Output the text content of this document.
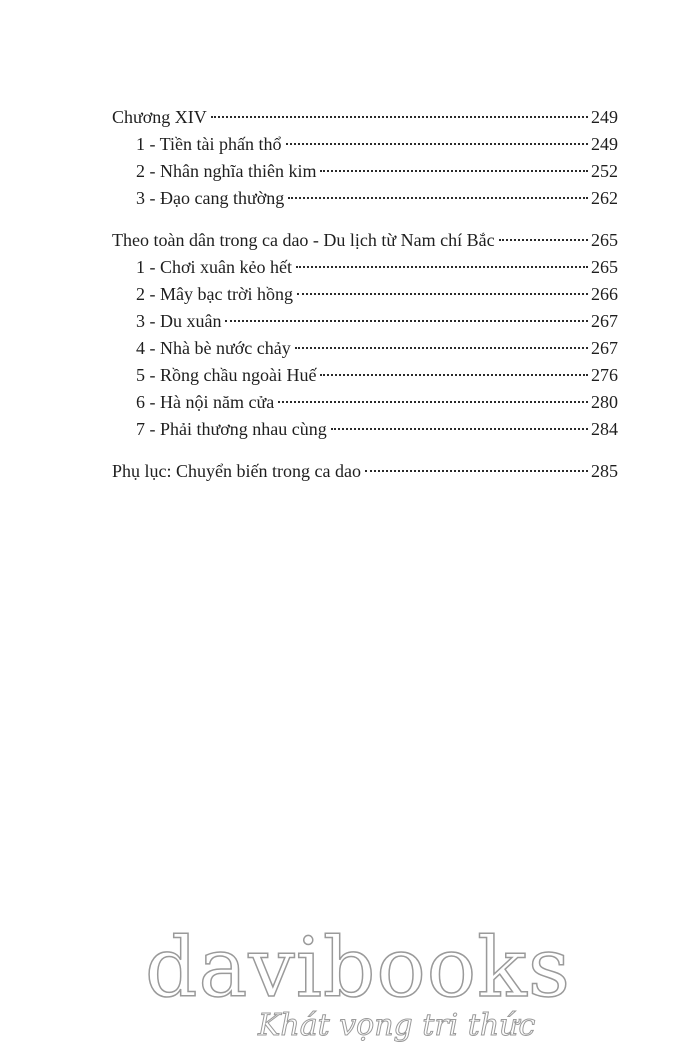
Chương XIV	249
1 - Tiền tài phấn thổ	249
2 - Nhân nghĩa thiên kim	252
3 - Đạo cang thường	262
Theo toàn dân trong ca dao - Du lịch từ Nam chí Bắc	265
1 - Chơi xuân kẻo hết	265
2 - Mây bạc trời hồng	266
3 - Du xuân	267
4 - Nhà bè nước chảy	267
5 - Rồng chầu ngoài Huế	276
6 - Hà nội năm cửa	280
7 - Phải thương nhau cùng	284
Phụ lục: Chuyển biến trong ca dao	285
davibooks
Khát vọng tri thức
